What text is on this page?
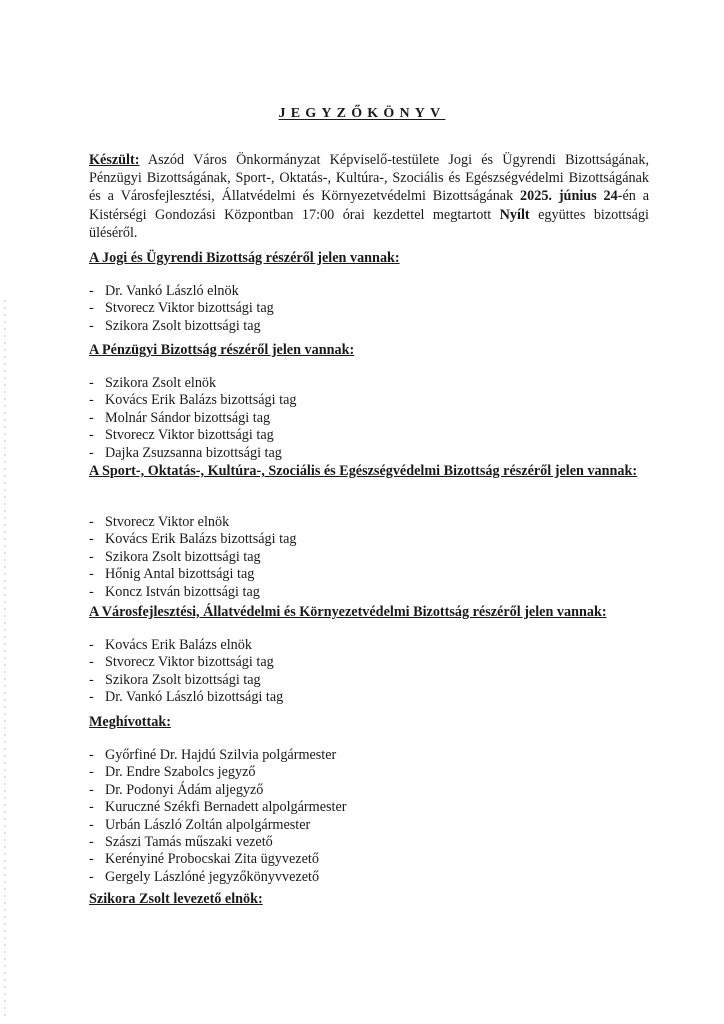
JEGYZŐKÖNYV
Készült: Aszód Város Önkormányzat Képviselő-testülete Jogi és Ügyrendi Bizottságának, Pénzügyi Bizottságának, Sport-, Oktatás-, Kultúra-, Szociális és Egészségvédelmi Bizottságának és a Városfejlesztési, Állatvédelmi és Környezetvédelmi Bizottságának 2025. június 24-én a Kistérségi Gondozási Központban 17:00 órai kezdettel megtartott Nyílt együttes bizottsági üléséről.
A Jogi és Ügyrendi Bizottság részéről jelen vannak:
- Dr. Vankó László elnök
- Stvorecz Viktor bizottsági tag
- Szikora Zsolt bizottsági tag
A Pénzügyi Bizottság részéről jelen vannak:
- Szikora Zsolt elnök
- Kovács Erik Balázs bizottsági tag
- Molnár Sándor bizottsági tag
- Stvorecz Viktor bizottsági tag
- Dajka Zsuzsanna bizottsági tag
A Sport-, Oktatás-, Kultúra-, Szociális és Egészségvédelmi Bizottság részéről jelen vannak:
- Stvorecz Viktor elnök
- Kovács Erik Balázs bizottsági tag
- Szikora Zsolt bizottsági tag
- Hőnig Antal bizottsági tag
- Koncz István bizottsági tag
A Városfejlesztési, Állatvédelmi és Környezetvédelmi Bizottság részéről jelen vannak:
- Kovács Erik Balázs elnök
- Stvorecz Viktor bizottsági tag
- Szikora Zsolt bizottsági tag
- Dr. Vankó László bizottsági tag
Meghívottak:
- Győrfiné Dr. Hajdú Szilvia polgármester
- Dr. Endre Szabolcs jegyző
- Dr. Podonyi Ádám aljegyző
- Kuruczné Székfi Bernadett alpolgármester
- Urbán László Zoltán alpolgármester
- Szászi Tamás műszaki vezető
- Kerényiné Probocskai Zita ügyvezető
- Gergely Lászlóné jegyzőkönyvvezető
Szikora Zsolt levezető elnök:
